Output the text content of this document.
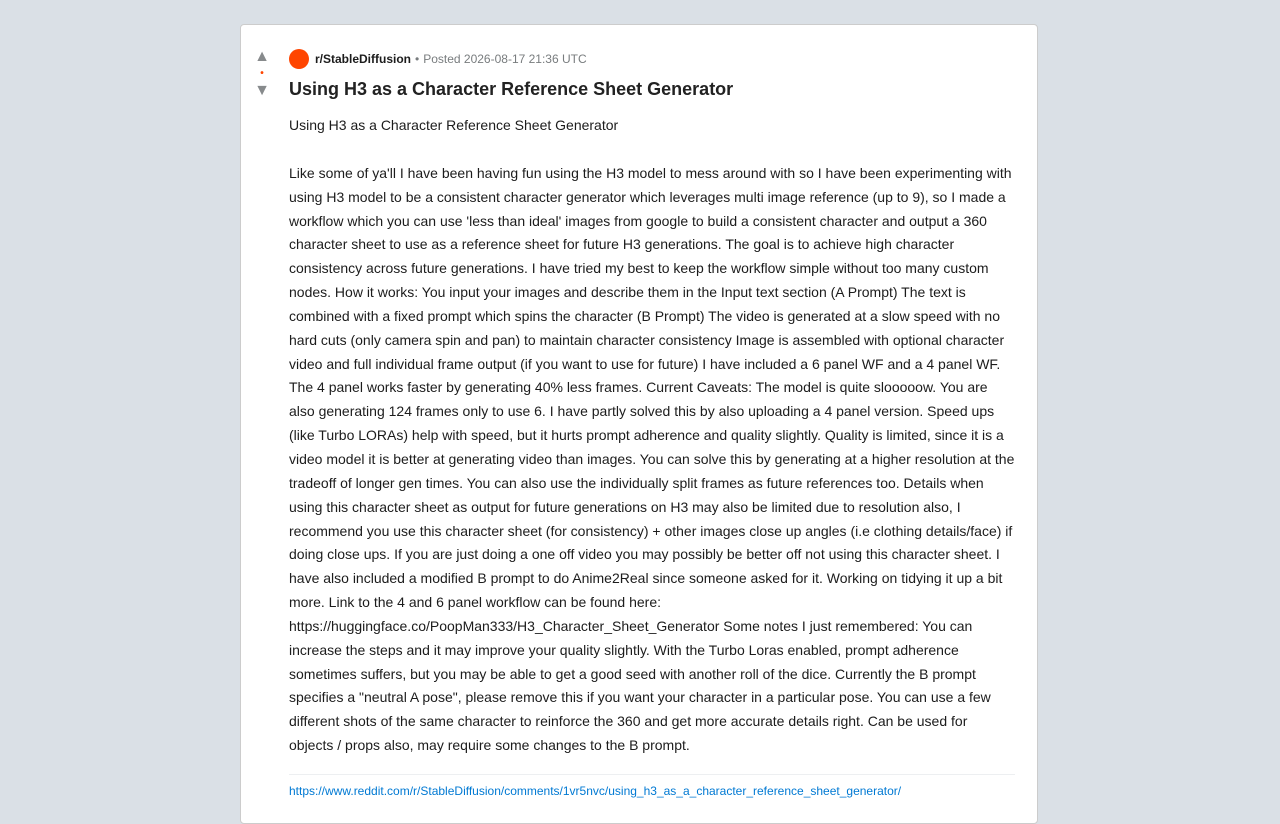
▲
•
▼
r/StableDiffusion • Posted 2026-08-17 21:36 UTC
Using H3 as a Character Reference Sheet Generator

Using H3 as a Character Reference Sheet Generator

Like some of ya'll I have been having fun using the H3 model to mess around with so I have been experimenting with using H3 model to be a consistent character generator which leverages multi image reference (up to 9), so I made a workflow which you can use 'less than ideal' images from google to build a consistent character and output a 360 character sheet to use as a reference sheet for future H3 generations. The goal is to achieve high character consistency across future generations. I have tried my best to keep the workflow simple without too many custom nodes. How it works: You input your images and describe them in the Input text section (A Prompt) The text is combined with a fixed prompt which spins the character (B Prompt) The video is generated at a slow speed with no hard cuts (only camera spin and pan) to maintain character consistency Image is assembled with optional character video and full individual frame output (if you want to use for future) I have included a 6 panel WF and a 4 panel WF. The 4 panel works faster by generating 40% less frames. Current Caveats: The model is quite slooooow. You are also generating 124 frames only to use 6. I have partly solved this by also uploading a 4 panel version. Speed ups (like Turbo LORAs) help with speed, but it hurts prompt adherence and quality slightly. Quality is limited, since it is a video model it is better at generating video than images. You can solve this by generating at a higher resolution at the tradeoff of longer gen times. You can also use the individually split frames as future references too. Details when using this character sheet as output for future generations on H3 may also be limited due to resolution also, I recommend you use this character sheet (for consistency) + other images close up angles (i.e clothing details/face) if doing close ups. If you are just doing a one off video you may possibly be better off not using this character sheet. I have also included a modified B prompt to do Anime2Real since someone asked for it. Working on tidying it up a bit more. Link to the 4 and 6 panel workflow can be found here: https://huggingface.co/PoopMan333/H3_Character_Sheet_Generator Some notes I just remembered: You can increase the steps and it may improve your quality slightly. With the Turbo Loras enabled, prompt adherence sometimes suffers, but you may be able to get a good seed with another roll of the dice. Currently the B prompt specifies a "neutral A pose", please remove this if you want your character in a particular pose. You can use a few different shots of the same character to reinforce the 360 and get more accurate details right. Can be used for objects / props also, may require some changes to the B prompt.

https://www.reddit.com/r/StableDiffusion/comments/1vr5nvc/using_h3_as_a_character_reference_sheet_generator/
